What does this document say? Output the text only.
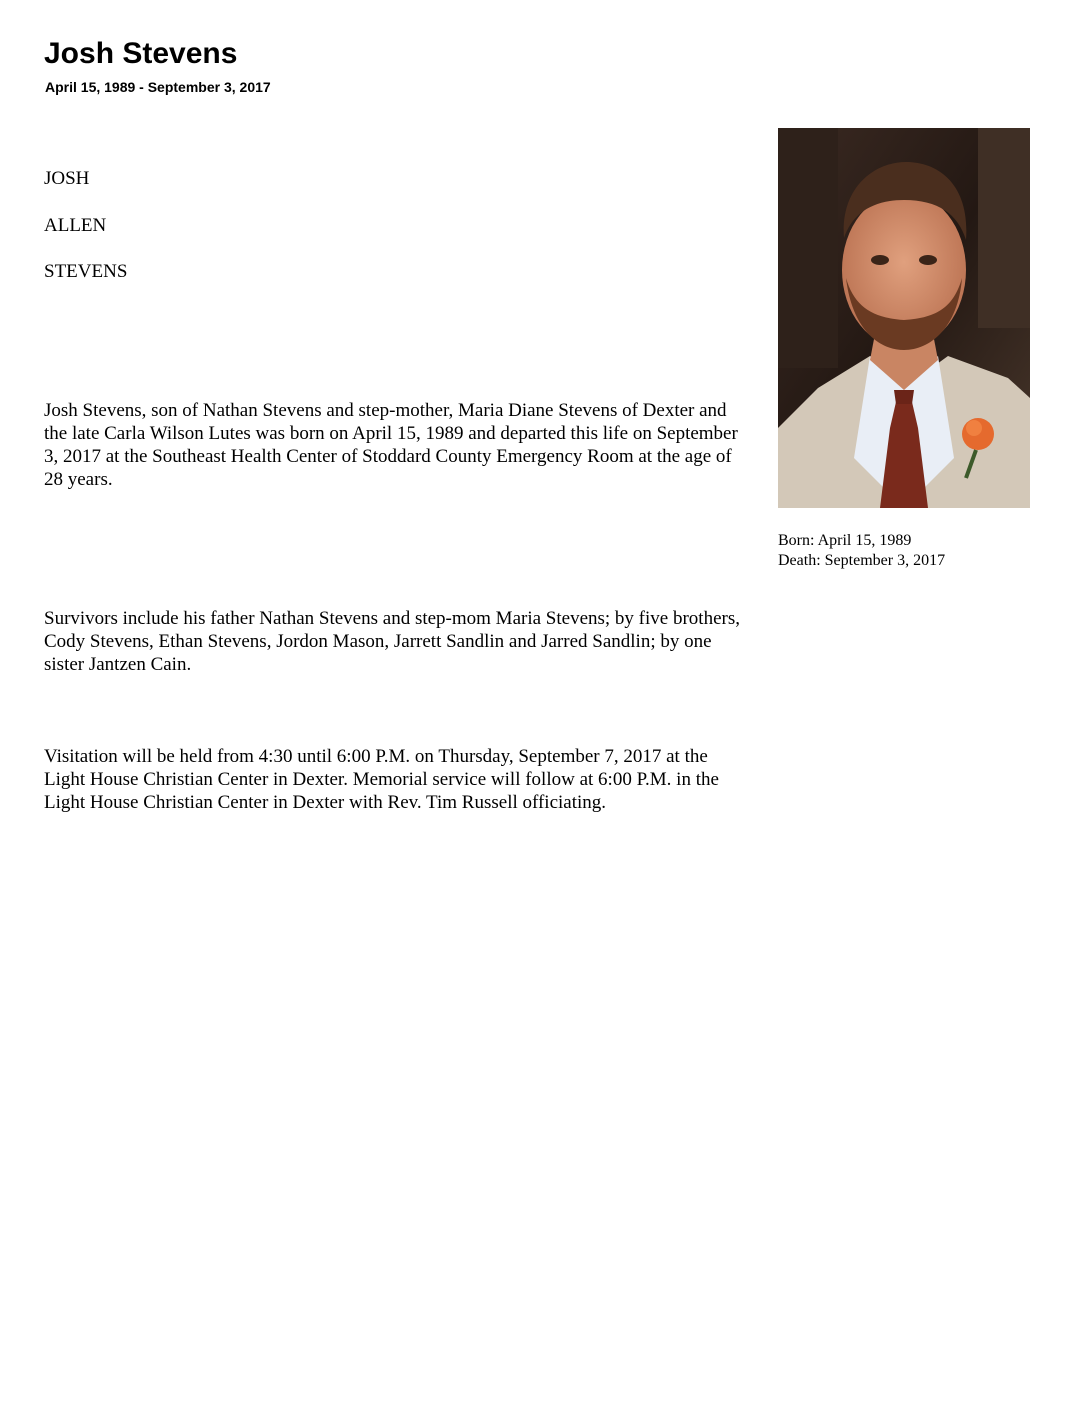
Josh Stevens
April 15, 1989 - September 3, 2017

JOSH

ALLEN

STEVENS

Josh Stevens, son of Nathan Stevens and step-mother, Maria Diane Stevens of Dexter and the late Carla Wilson Lutes was born on April 15, 1989 and departed this life on September 3, 2017 at the Southeast Health Center of Stoddard County Emergency Room at the age of 28 years.

Survivors include his father Nathan Stevens and step-mom Maria Stevens; by five brothers, Cody Stevens, Ethan Stevens, Jordon Mason, Jarrett Sandlin and Jarred Sandlin; by one sister Jantzen Cain.

Visitation will be held from 4:30 until 6:00 P.M. on Thursday, September 7, 2017 at the Light House Christian Center in Dexter. Memorial service will follow at 6:00 P.M. in the Light House Christian Center in Dexter with Rev. Tim Russell officiating.

Born: April 15, 1989
Death: September 3, 2017
